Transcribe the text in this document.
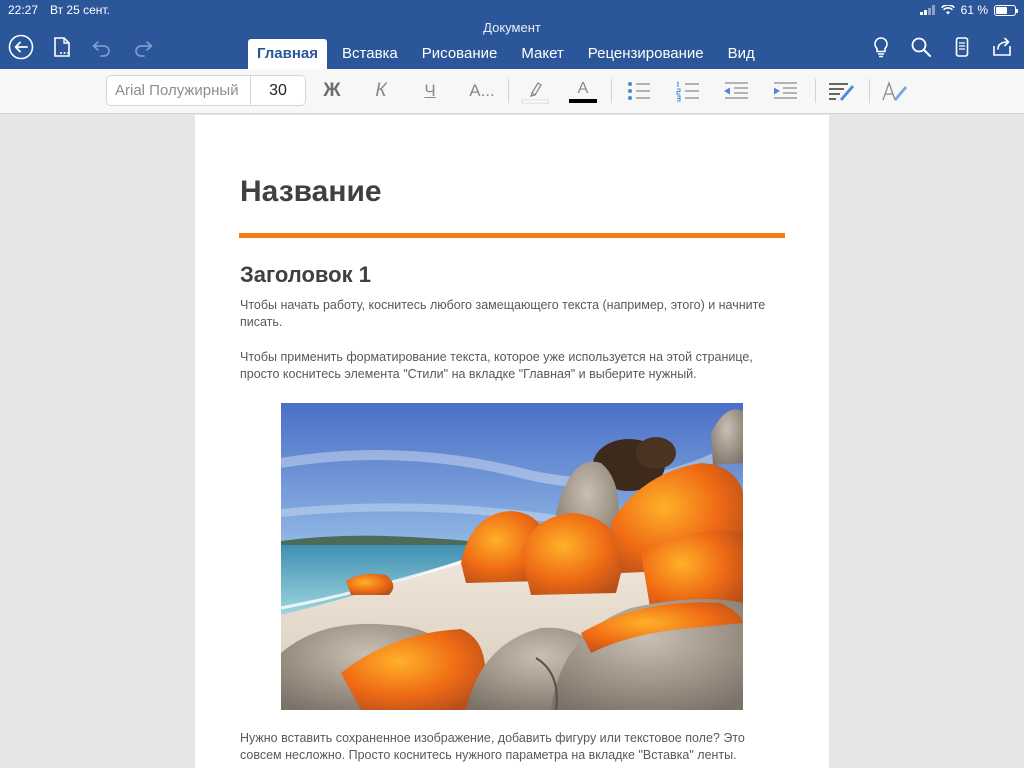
22:27 Вт 25 сент.	61 %
Документ
Главная	Вставка	Рисование	Макет	Рецензирование	Вид
Arial Полужирный	30	Ж	К	Ч	A...	A
Название
Заголовок 1
Чтобы начать работу, коснитесь любого замещающего текста (например, этого) и начните писать.
Чтобы применить форматирование текста, которое уже используется на этой странице, просто коснитесь элемента "Стили" на вкладке "Главная" и выберите нужный.
Нужно вставить сохраненное изображение, добавить фигуру или текстовое поле? Это совсем несложно. Просто коснитесь нужного параметра на вкладке "Вставка" ленты.
